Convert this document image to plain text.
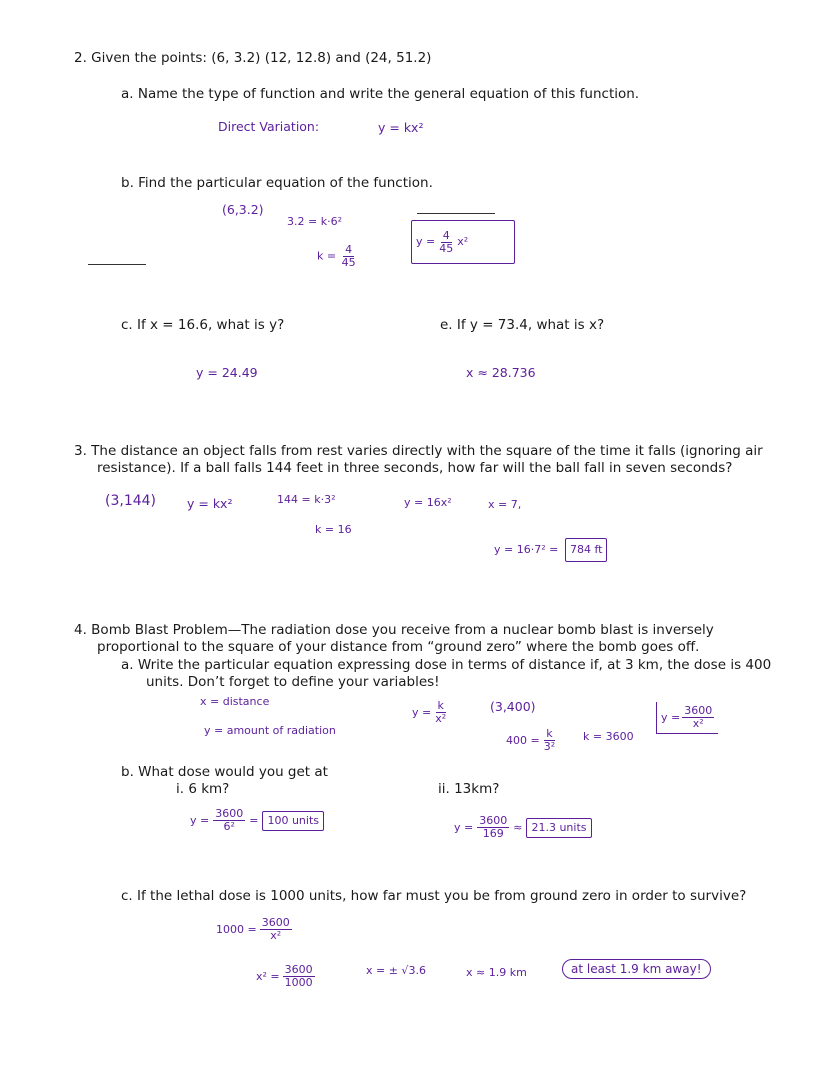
2. Given the points: (6, 3.2) (12, 12.8) and (24, 51.2)
a. Name the type of function and write the general equation of this function.
Direct Variation:	y = kx²
b. Find the particular equation of the function.
(6,3.2)
3.2 = k·6²
$k = \frac{4}{45}$
$y = \frac{4}{45} x^2$
c. If x = 16.6, what is y?	e. If y = 73.4, what is x?
y = 24.49	x ≈ 28.736
3. The distance an object falls from rest varies directly with the square of the time it falls (ignoring air
resistance). If a ball falls 144 feet in three seconds, how far will the ball fall in seven seconds?
(3,144) y = kx²	144 = k·3²	y = 16x²	x = 7,
k = 16
y = 16·7² =	784 ft
4. Bomb Blast Problem—The radiation dose you receive from a nuclear bomb blast is inversely
proportional to the square of your distance from “ground zero” where the bomb goes off.
a. Write the particular equation expressing dose in terms of distance if, at 3 km, the dose is 400
units. Don’t forget to define your variables!
x = distance
y = amount of radiation
$y = \frac{k}{\text{x²}}$	(3,400)
$400 = \frac{k}{\text{3²}}$ k = 3600
$y = \frac{3600}{\text{x²}}$
b. What dose would you get at
i. 6 km?	ii. 13km?
$y = \frac{3600}{\text{6²}} = 100$ units
$y = \frac{3600}{169} \approx 21.3$ units
c. If the lethal dose is 1000 units, how far must you be from ground zero in order to survive?
$1000 = \frac{3600}{\text{x²}}$
$x^2 = \frac{3600}{1000}$	x = ± √3.6	x ≈ 1.9 km	at least 1.9 km away!
